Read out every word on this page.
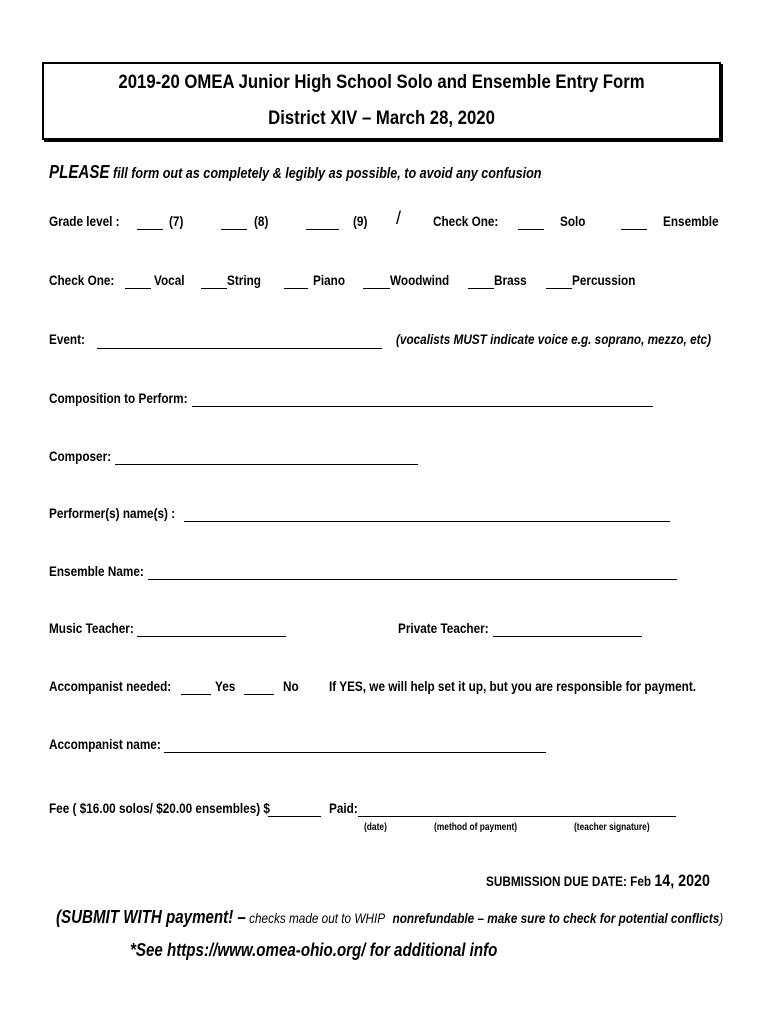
2019-20 OMEA Junior High School Solo and Ensemble Entry Form
District XIV – March 28, 2020
PLEASE fill form out as completely & legibly as possible, to avoid any confusion
Grade level :	(7)	(8)	(9) / Check One:	Solo	Ensemble
Check One:	Vocal	String	Piano	Woodwind	Brass	Percussion
Event:	(vocalists MUST indicate voice e.g. soprano, mezzo, etc)
Composition to Perform:
Composer:
Performer(s) name(s) :
Ensemble Name:
Music Teacher:	Private Teacher:
Accompanist needed:	Yes	No If YES, we will help set it up, but you are responsible for payment.
Accompanist name:
Fee ( $16.00 solos/ $20.00 ensembles) $	Paid:
(date)	(method of payment)	(teacher signature)
SUBMISSION DUE DATE: Feb 14, 2020
(SUBMIT WITH payment! – checks made out to WHIP nonrefundable – make sure to check for potential conflicts)
*See https://www.omea-ohio.org/ for additional info
